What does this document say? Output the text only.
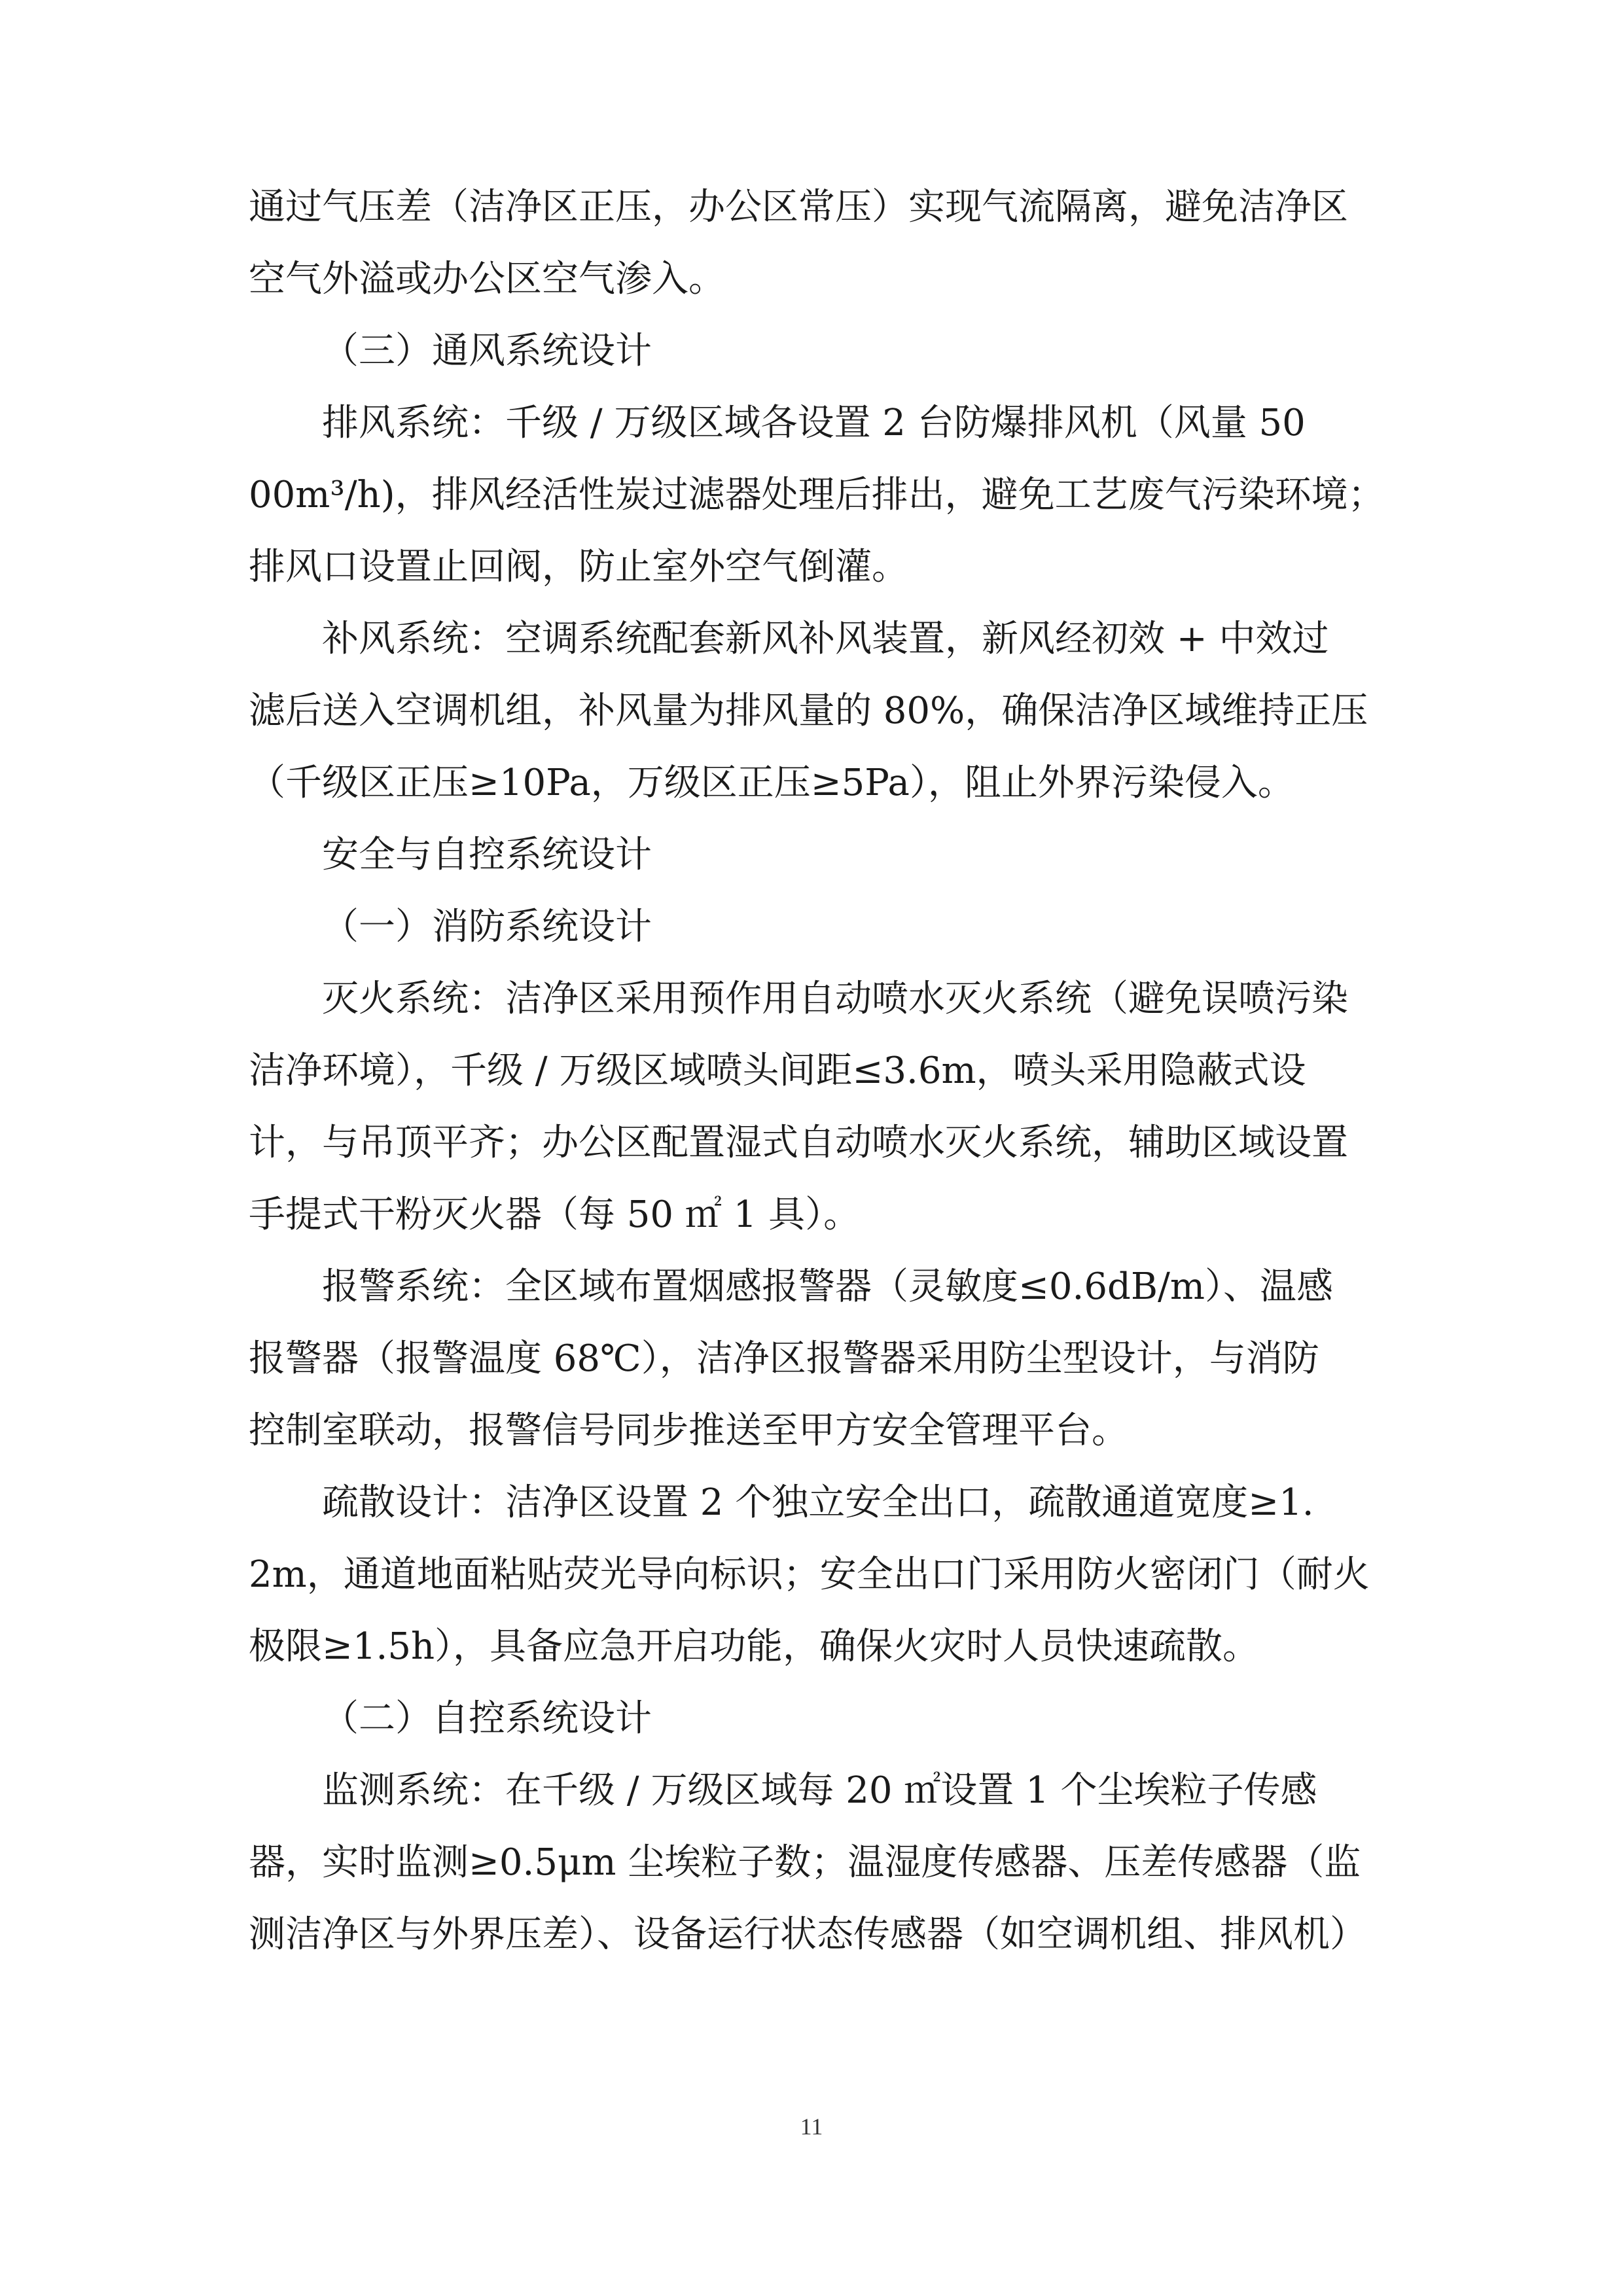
通过气压差（洁净区正压，办公区常压）实现气流隔离，避免洁净区
空气外溢或办公区空气渗入。
（三）通风系统设计
排风系统：千级 / 万级区域各设置 2 台防爆排风机（风量 50
00m³/h)，排风经活性炭过滤器处理后排出，避免工艺废气污染环境；
排风口设置止回阀，防止室外空气倒灌。
补风系统：空调系统配套新风补风装置，新风经初效 + 中效过
滤后送入空调机组，补风量为排风量的 80%，确保洁净区域维持正压
（千级区正压≥10Pa，万级区正压≥5Pa），阻止外界污染侵入。
安全与自控系统设计
（一）消防系统设计
灭火系统：洁净区采用预作用自动喷水灭火系统（避免误喷污染
洁净环境），千级 / 万级区域喷头间距≤3.6m，喷头采用隐蔽式设
计，与吊顶平齐；办公区配置湿式自动喷水灭火系统，辅助区域设置
手提式干粉灭火器（每 50 ㎡ 1 具）。
报警系统：全区域布置烟感报警器（灵敏度≤0.6dB/m）、温感
报警器（报警温度 68℃），洁净区报警器采用防尘型设计，与消防
控制室联动，报警信号同步推送至甲方安全管理平台。
疏散设计：洁净区设置 2 个独立安全出口，疏散通道宽度≥1.
2m，通道地面粘贴荧光导向标识；安全出口门采用防火密闭门（耐火
极限≥1.5h），具备应急开启功能，确保火灾时人员快速疏散。
（二）自控系统设计
监测系统：在千级 / 万级区域每 20 ㎡设置 1 个尘埃粒子传感
器，实时监测≥0.5μm 尘埃粒子数；温湿度传感器、压差传感器（监
测洁净区与外界压差）、设备运行状态传感器（如空调机组、排风机）
11
